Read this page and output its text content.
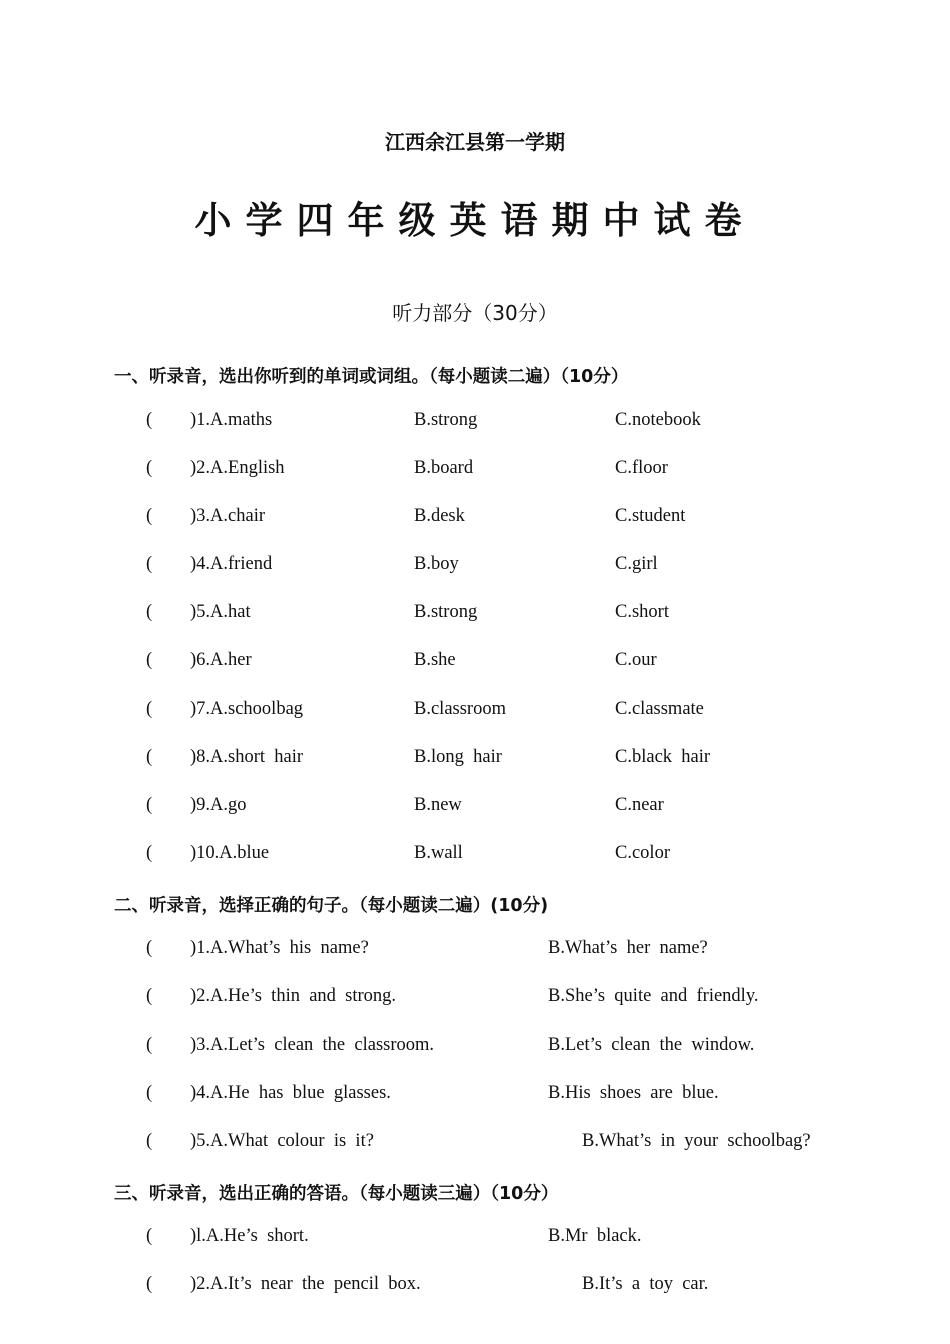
江西余江县第一学期
小学四年级英语期中试卷
听力部分（30分）
一、听录音，选出你听到的单词或词组。（每小题读二遍）（10分）
( )1.A.maths	B.strong	C.notebook
( )2.A.English	B.board	C.floor
( )3.A.chair	B.desk	C.student
( )4.A.friend	B.boy	C.girl
( )5.A.hat	B.strong	C.short
( )6.A.her	B.she	C.our
( )7.A.schoolbag	B.classroom	C.classmate
( )8.A.short  hair	B.long  hair	C.black  hair
( )9.A.go	B.new	C.near
( )10.A.blue	B.wall	C.color
二、听录音，选择正确的句子。（每小题读二遍）(10分)
( )1.A.What’s  his  name?	B.What’s  her  name?
( )2.A.He’s  thin  and  strong.	B.She’s  quite  and  friendly.
( )3.A.Let’s  clean  the  classroom.	B.Let’s  clean  the  window.
( )4.A.He  has  blue  glasses.	B.His  shoes  are  blue.
( )5.A.What  colour  is  it?	B.What’s  in  your  schoolbag?
三、听录音，选出正确的答语。（每小题读三遍）（10分）
( )l.A.He’s  short.	B.Mr  black.
( )2.A.It’s  near  the  pencil  box.	B.It’s  a  toy  car.
